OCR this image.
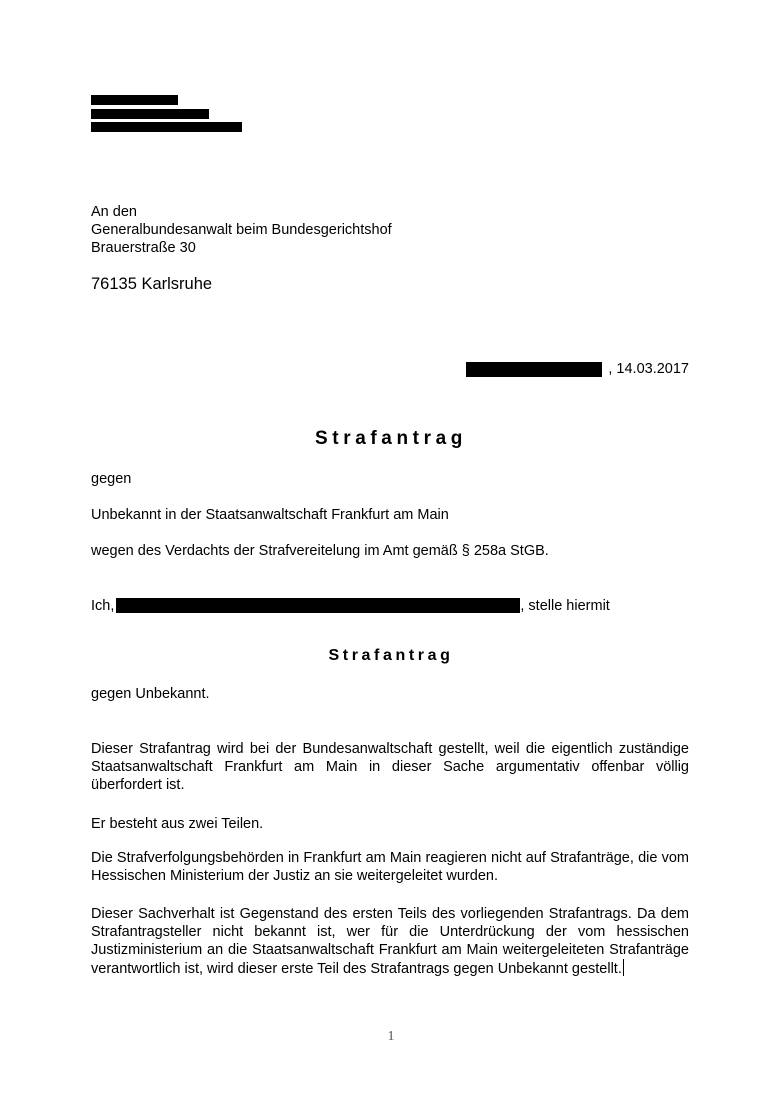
An den
Generalbundesanwalt beim Bundesgerichtshof
Brauerstraße 30
76135 Karlsruhe
, 14.03.2017
Strafantrag
gegen
Unbekannt in der Staatsanwaltschaft Frankfurt am Main
wegen des Verdachts der Strafvereitelung im Amt gemäß § 258a StGB.
Ich,	, stelle hiermit
Strafantrag
gegen Unbekannt.
Dieser Strafantrag wird bei der Bundesanwaltschaft gestellt, weil die eigentlich zuständige Staatsanwaltschaft Frankfurt am Main in dieser Sache argumentativ offenbar völlig überfordert ist.
Er besteht aus zwei Teilen.
Die Strafverfolgungsbehörden in Frankfurt am Main reagieren nicht auf Strafanträge, die vom Hessischen Ministerium der Justiz an sie weitergeleitet wurden.
Dieser Sachverhalt ist Gegenstand des ersten Teils des vorliegenden Strafantrags. Da dem Strafantragsteller nicht bekannt ist, wer für die Unterdrückung der vom hessischen Justizministerium an die Staatsanwaltschaft Frankfurt am Main weitergeleiteten Strafanträge verantwortlich ist, wird dieser erste Teil des Strafantrags gegen Unbekannt gestellt.
1
